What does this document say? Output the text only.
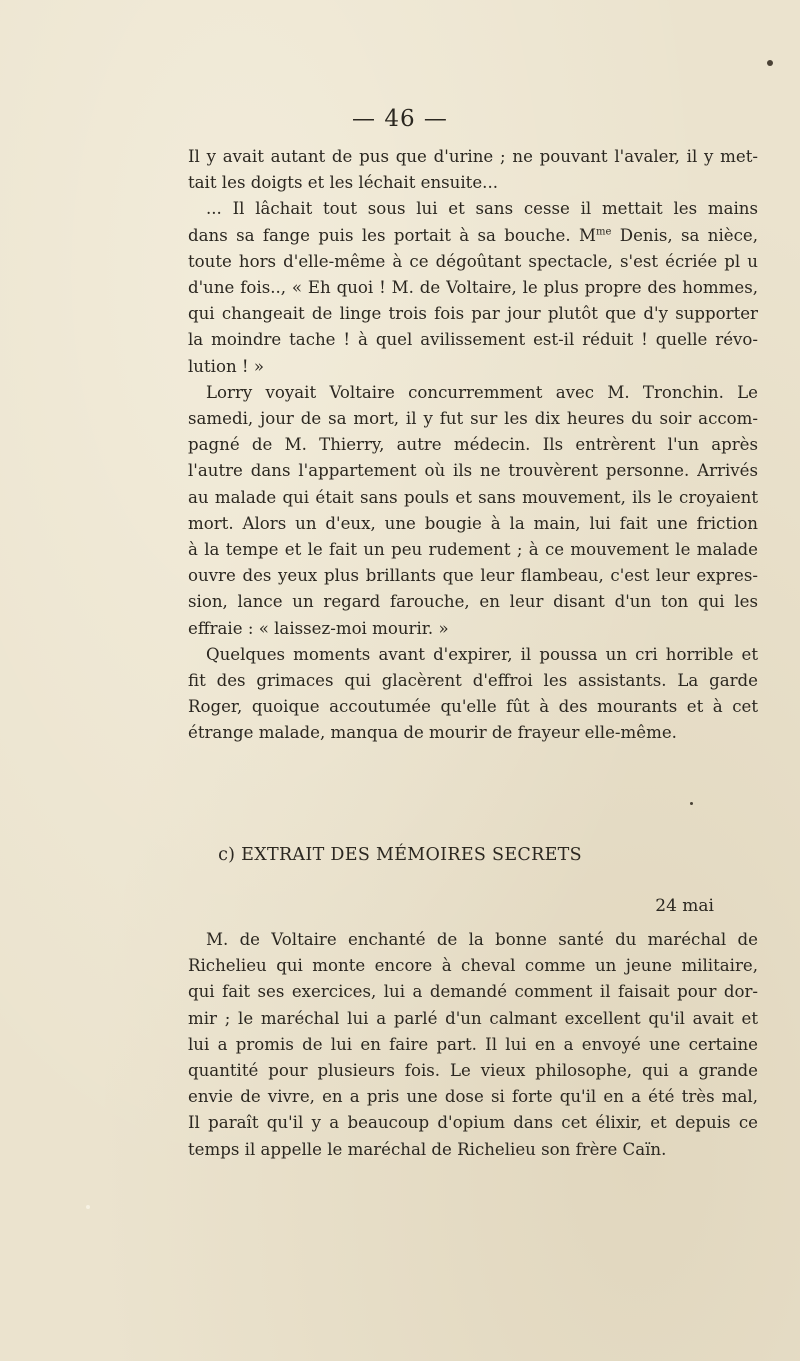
— 46 —
Il y avait autant de pus que d'urine ; ne pouvant l'avaler, il y met-
tait les doigts et les léchait ensuite...
... Il lâchait tout sous lui et sans cesse il mettait les mains
dans sa fange puis les portait à sa bouche. $M^{me}$ Denis, sa nièce,
toute hors d'elle-même à ce dégoûtant spectacle, s'est écriée pl u
d'une fois.., « Eh quoi ! M. de Voltaire, le plus propre des hommes,
qui changeait de linge trois fois par jour plutôt que d'y supporter
la moindre tache ! à quel avilissement est-il réduit ! quelle révo-
lution ! »
Lorry voyait Voltaire concurremment avec M. Tronchin. Le
samedi, jour de sa mort, il y fut sur les dix heures du soir accom-
pagné de M. Thierry, autre médecin. Ils entrèrent l'un après
l'autre dans l'appartement où ils ne trouvèrent personne. Arrivés
au malade qui était sans pouls et sans mouvement, ils le croyaient
mort. Alors un d'eux, une bougie à la main, lui fait une friction
à la tempe et le fait un peu rudement ; à ce mouvement le malade
ouvre des yeux plus brillants que leur flambeau, c'est leur expres-
sion, lance un regard farouche, en leur disant d'un ton qui les
effraie : « laissez-moi mourir. »
Quelques moments avant d'expirer, il poussa un cri horrible et
fit des grimaces qui glacèrent d'effroi les assistants. La garde
Roger, quoique accoutumée qu'elle fût à des mourants et à cet
étrange malade, manqua de mourir de frayeur elle-même.
c) EXTRAIT DES MÉMOIRES SECRETS
24 mai
M. de Voltaire enchanté de la bonne santé du maréchal de
Richelieu qui monte encore à cheval comme un jeune militaire,
qui fait ses exercices, lui a demandé comment il faisait pour dor-
mir ; le maréchal lui a parlé d'un calmant excellent qu'il avait et
lui a promis de lui en faire part. Il lui en a envoyé une certaine
quantité pour plusieurs fois. Le vieux philosophe, qui a grande
envie de vivre, en a pris une dose si forte qu'il en a été très mal,
Il paraît qu'il y a beaucoup d'opium dans cet élixir, et depuis ce
temps il appelle le maréchal de Richelieu son frère Caïn.
